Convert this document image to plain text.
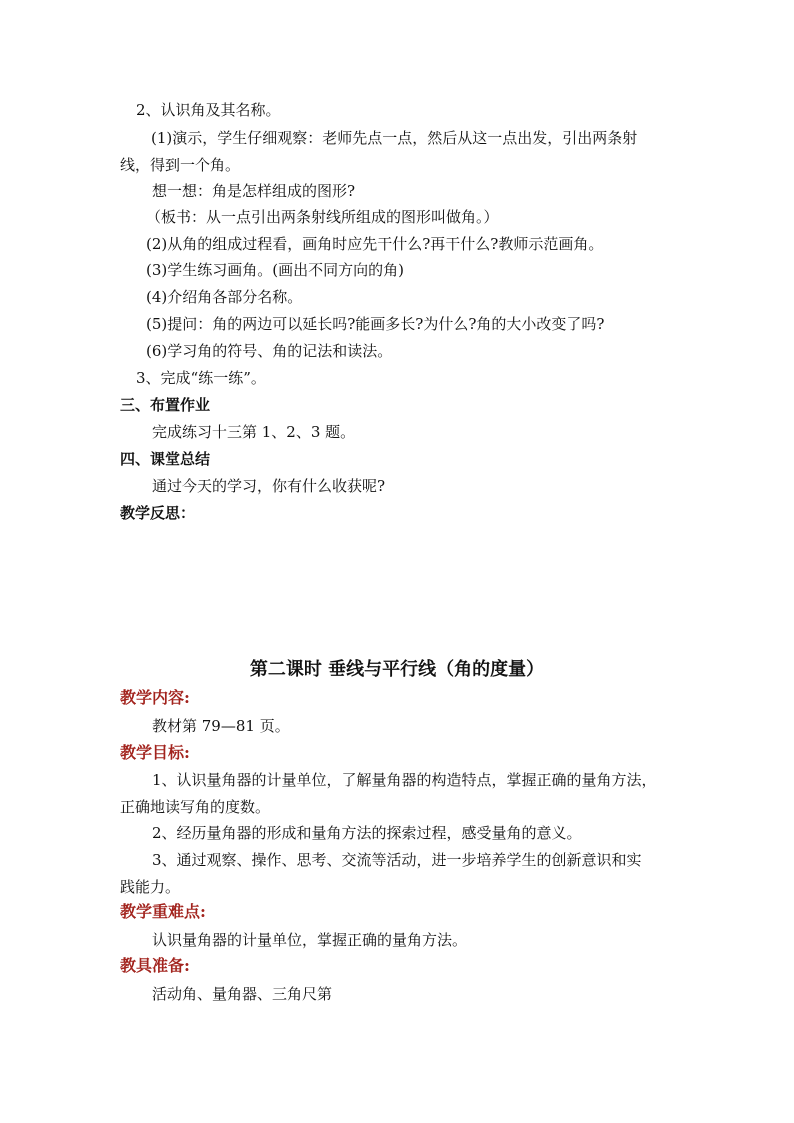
2、认识角及其名称。
(1)演示，学生仔细观察：老师先点一点，然后从这一点出发，引出两条射
线，得到一个角。
想一想：角是怎样组成的图形?
（板书：从一点引出两条射线所组成的图形叫做角。）
(2)从角的组成过程看，画角时应先干什么?再干什么?教师示范画角。
(3)学生练习画角。(画出不同方向的角)
(4)介绍角各部分名称。
(5)提问：角的两边可以延长吗?能画多长?为什么?角的大小改变了吗?
(6)学习角的符号、角的记法和读法。
3、完成“练一练”。
三、布置作业
完成练习十三第 1、2、3 题。
四、课堂总结
通过今天的学习，你有什么收获呢?
教学反思：
第二课时 垂线与平行线（角的度量）
教学内容:
教材第 79—81 页。
教学目标:
1、认识量角器的计量单位，了解量角器的构造特点，掌握正确的量角方法，
正确地读写角的度数。
2、经历量角器的形成和量角方法的探索过程，感受量角的意义。
3、通过观察、操作、思考、交流等活动，进一步培养学生的创新意识和实
践能力。
教学重难点:
认识量角器的计量单位，掌握正确的量角方法。
教具准备:
活动角、量角器、三角尺第
